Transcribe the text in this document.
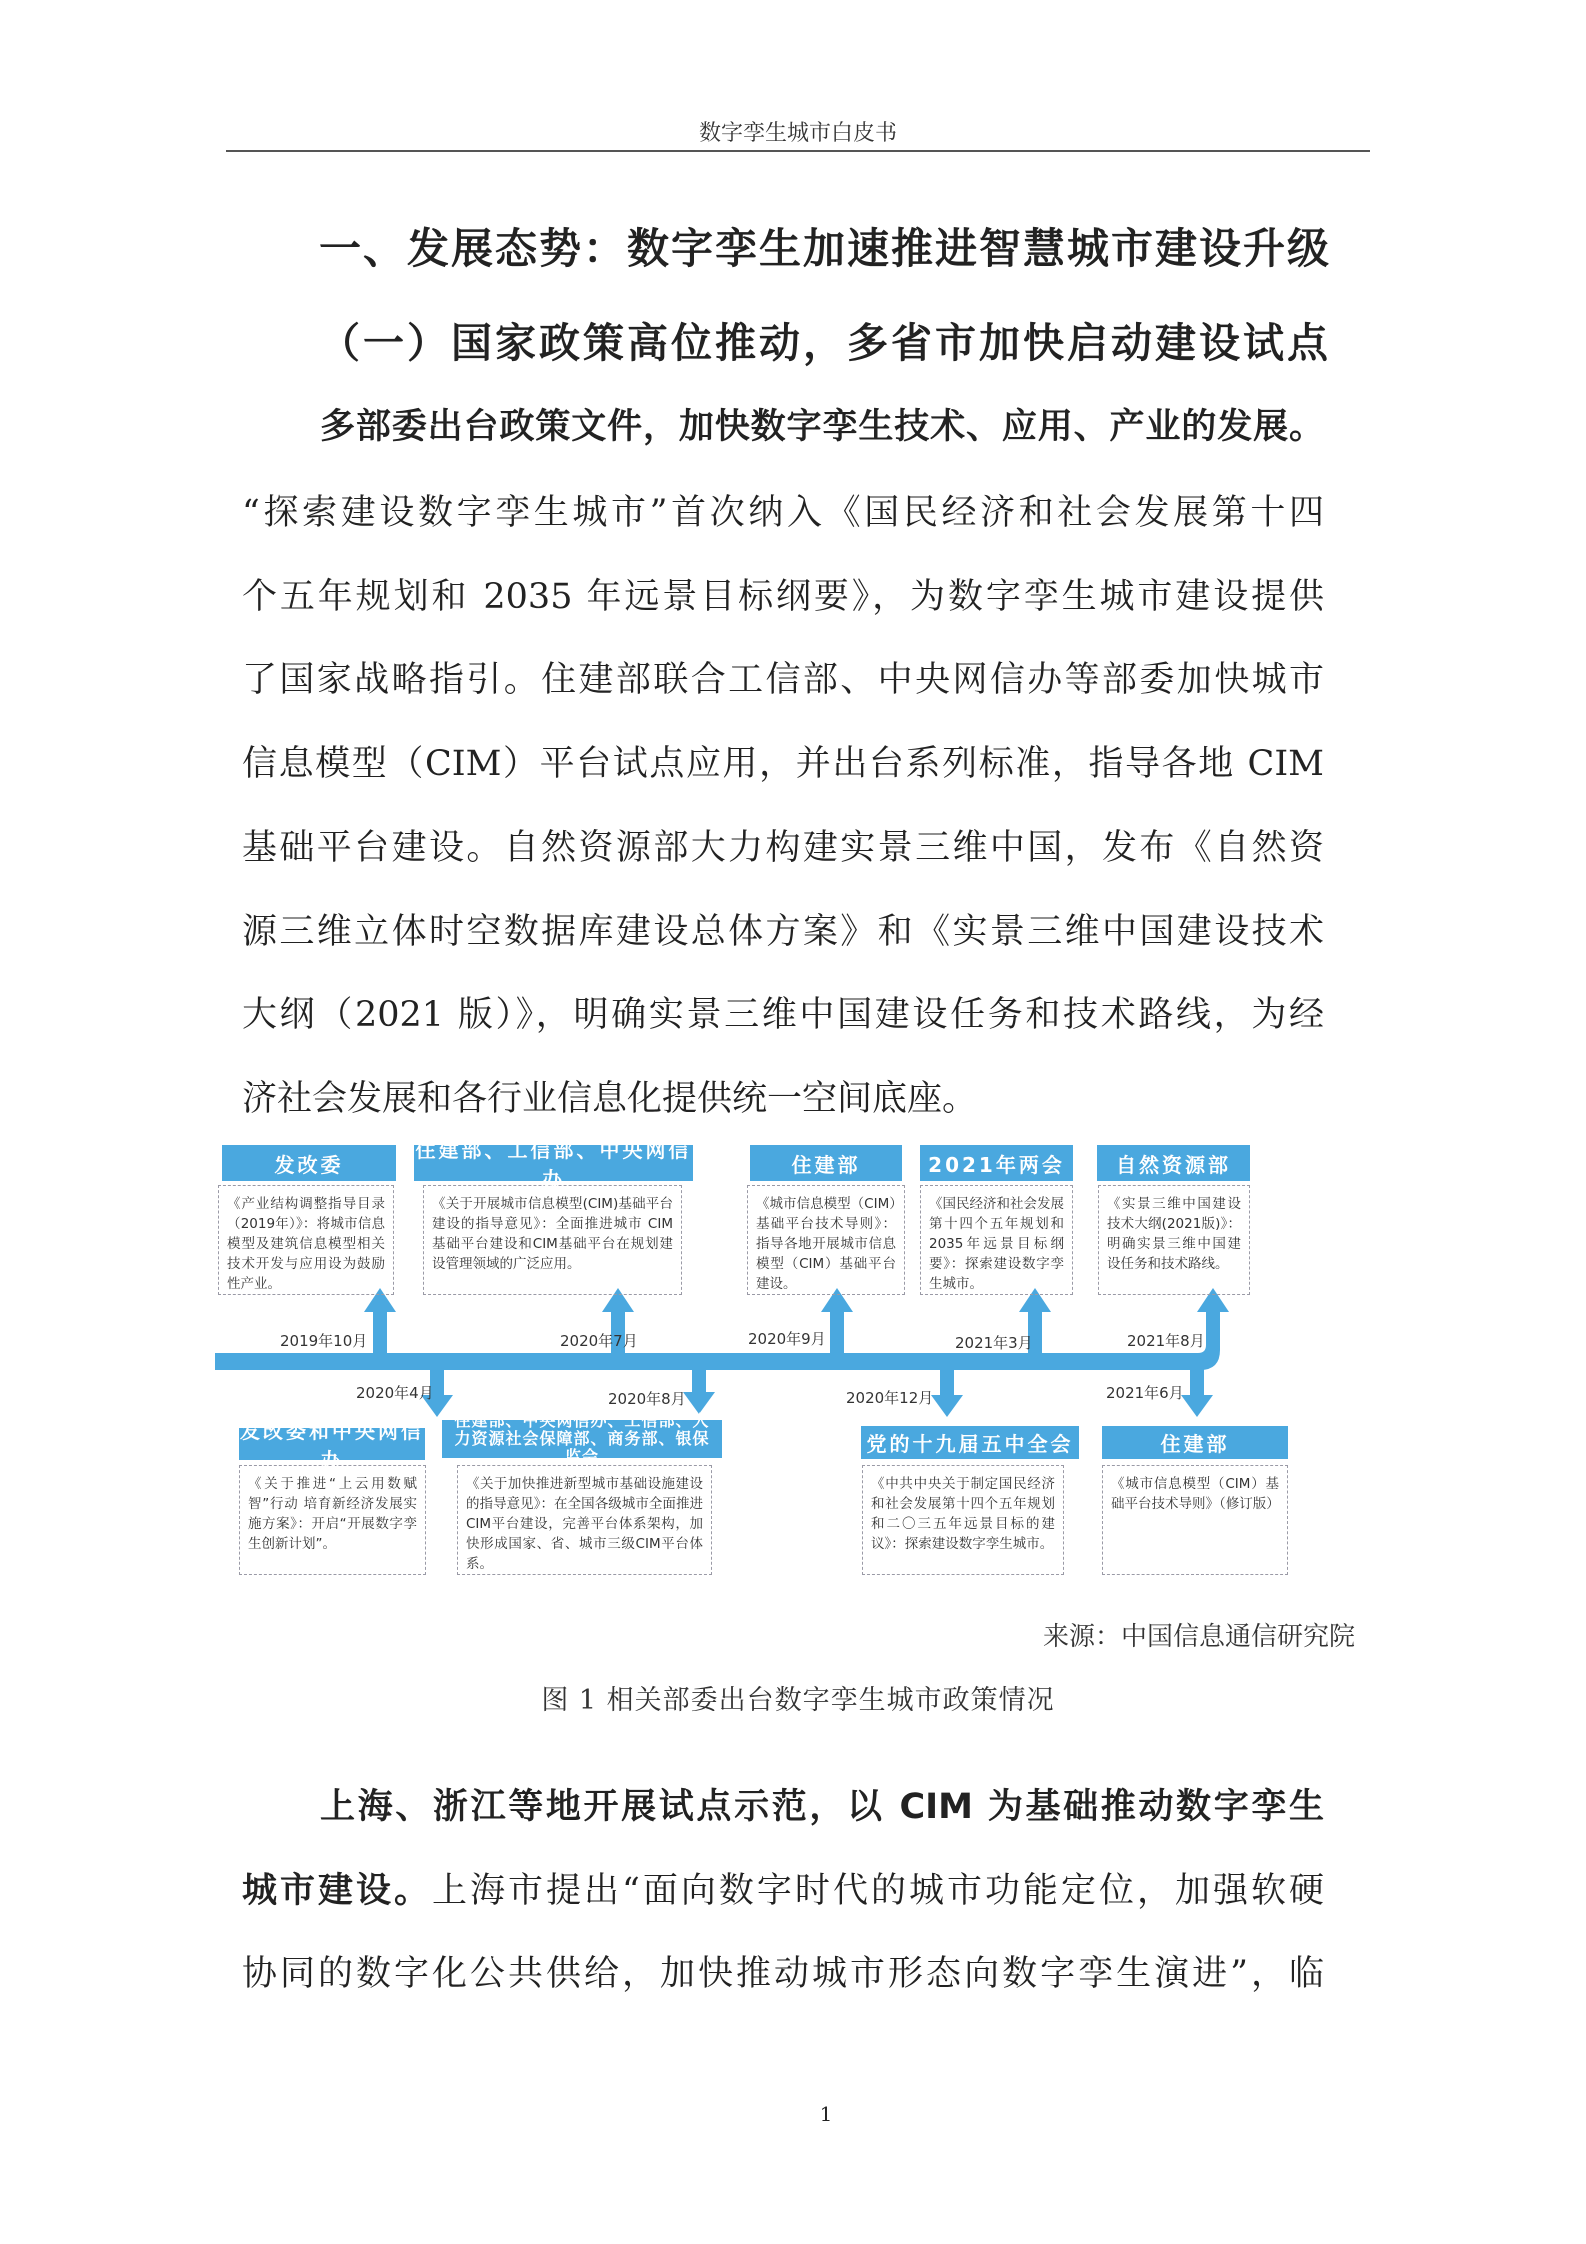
数字孪生城市白皮书
一、发展态势：数字孪生加速推进智慧城市建设升级
（一）国家政策高位推动，多省市加快启动建设试点
多部委出台政策文件，加快数字孪生技术、应用、产业的发展。
“探索建设数字孪生城市”首次纳入《国民经济和社会发展第十四
个五年规划和 2035 年远景目标纲要》，为数字孪生城市建设提供
了国家战略指引。住建部联合工信部、中央网信办等部委加快城市
信息模型（CIM）平台试点应用，并出台系列标准，指导各地 CIM
基础平台建设。自然资源部大力构建实景三维中国，发布《自然资
源三维立体时空数据库建设总体方案》和《实景三维中国建设技术
大纲（2021 版）》，明确实景三维中国建设任务和技术路线，为经
济社会发展和各行业信息化提供统一空间底座。
发改委
《产业结构调整指导目录（2019年）》：将城市信息模型及建筑信息模型相关技术开发与应用设为鼓励性产业。
住建部、工信部、中央网信办
《关于开展城市信息模型(CIM)基础平台建设的指导意见》：全面推进城市 CIM 基础平台建设和CIM基础平台在规划建设管理领域的广泛应用。
住建部
《城市信息模型（CIM）基础平台技术导则》：指导各地开展城市信息模型（CIM）基础平台建设。
2021年两会
《国民经济和社会发展第十四个五年规划和2035年远景目标纲要》：探索建设数字孪生城市。
自然资源部
《实景三维中国建设技术大纲(2021版)》：明确实景三维中国建设任务和技术路线。
2019年10月	2020年7月	2020年9月	2021年3月	2021年8月
2020年4月	2020年8月	2020年12月	2021年6月
发改委和中央网信办
《关于推进“上云用数赋智”行动 培育新经济发展实施方案》：开启“开展数字孪生创新计划”。
住建部、中央网信办、工信部、人力资源社会保障部、商务部、银保监会
《关于加快推进新型城市基础设施建设的指导意见》：在全国各级城市全面推进CIM平台建设，完善平台体系架构，加快形成国家、省、城市三级CIM平台体系。
党的十九届五中全会
《中共中央关于制定国民经济和社会发展第十四个五年规划和二〇三五年远景目标的建议》：探索建设数字孪生城市。
住建部
《城市信息模型（CIM）基础平台技术导则》（修订版）
来源：中国信息通信研究院
图 1 相关部委出台数字孪生城市政策情况
上海、浙江等地开展试点示范，以 CIM 为基础推动数字孪生
城市建设。上海市提出“面向数字时代的城市功能定位，加强软硬
协同的数字化公共供给，加快推动城市形态向数字孪生演进”，临
1
